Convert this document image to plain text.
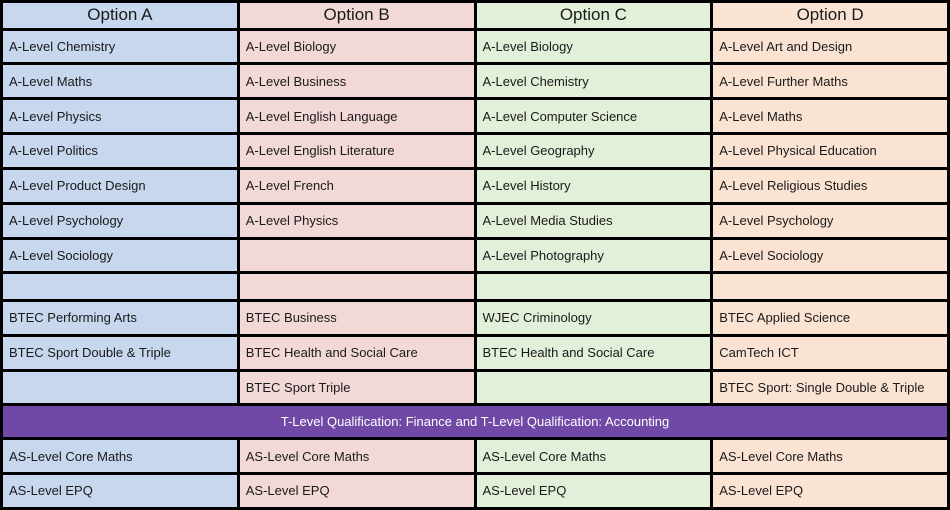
Option A	Option B	Option C	Option D
A-Level Chemistry	A-Level Biology	A-Level Biology	A-Level Art and Design
A-Level Maths	A-Level Business	A-Level Chemistry	A-Level Further Maths
A-Level Physics	A-Level English Language	A-Level Computer Science	A-Level Maths
A-Level Politics	A-Level English Literature	A-Level Geography	A-Level Physical Education
A-Level Product Design	A-Level French	A-Level History	A-Level Religious Studies
A-Level Psychology	A-Level Physics	A-Level Media Studies	A-Level Psychology
A-Level Sociology		A-Level Photography	A-Level Sociology

BTEC Performing Arts	BTEC Business	WJEC Criminology	BTEC Applied Science
BTEC Sport Double & Triple	BTEC Health and Social Care	BTEC Health and Social Care	CamTech ICT
	BTEC Sport Triple		BTEC Sport: Single Double & Triple
T-Level Qualification: Finance and T-Level Qualification: Accounting			
AS-Level Core Maths	AS-Level Core Maths	AS-Level Core Maths	AS-Level Core Maths
AS-Level EPQ	AS-Level EPQ	AS-Level EPQ	AS-Level EPQ
